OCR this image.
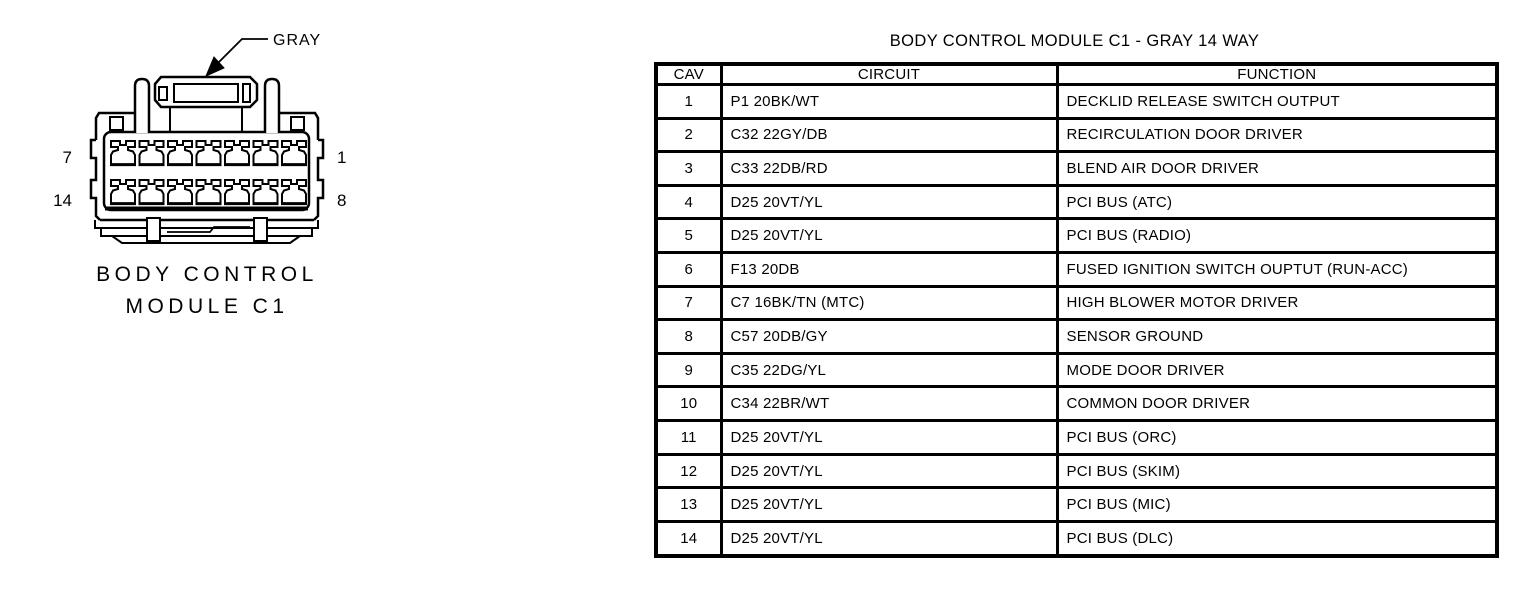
GRAY
7
14
1
8
BODY CONTROL
MODULE C1
BODY CONTROL MODULE C1 - GRAY 14 WAY
CAV	CIRCUIT	FUNCTION
1	P1 20BK/WT	DECKLID RELEASE SWITCH OUTPUT
2	C32 22GY/DB	RECIRCULATION DOOR DRIVER
3	C33 22DB/RD	BLEND AIR DOOR DRIVER
4	D25 20VT/YL	PCI BUS (ATC)
5	D25 20VT/YL	PCI BUS (RADIO)
6	F13 20DB	FUSED IGNITION SWITCH OUPTUT (RUN-ACC)
7	C7 16BK/TN (MTC)	HIGH BLOWER MOTOR DRIVER
8	C57 20DB/GY	SENSOR GROUND
9	C35 22DG/YL	MODE DOOR DRIVER
10	C34 22BR/WT	COMMON DOOR DRIVER
11	D25 20VT/YL	PCI BUS (ORC)
12	D25 20VT/YL	PCI BUS (SKIM)
13	D25 20VT/YL	PCI BUS (MIC)
14	D25 20VT/YL	PCI BUS (DLC)
